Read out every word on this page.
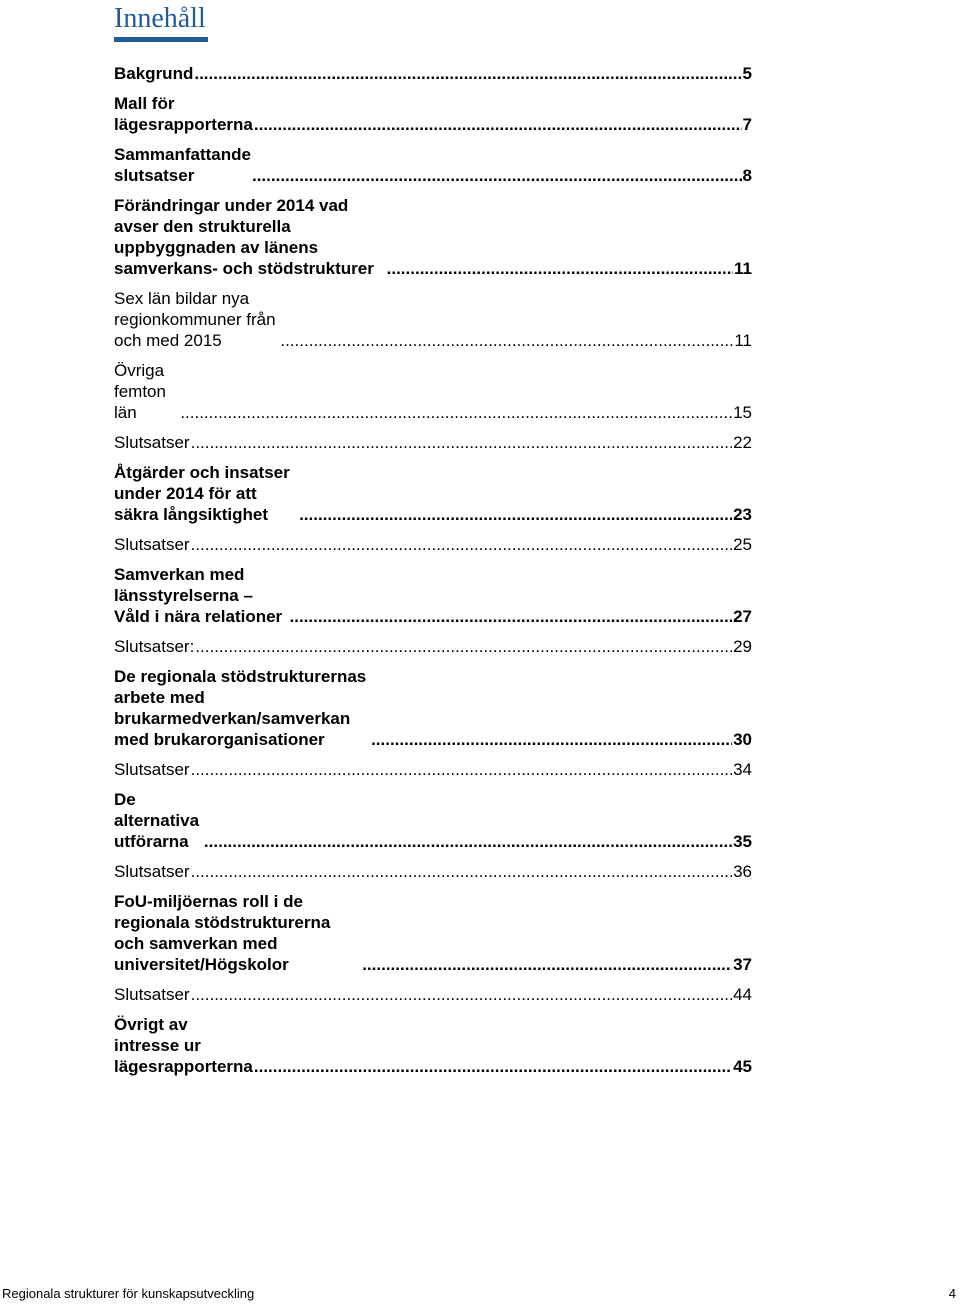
Innehåll
Bakgrund .....	5
Mall för lägesrapporterna .....	7
Sammanfattande slutsatser .....	8
Förändringar under 2014 vad avser den strukturella uppbyggnaden av länens samverkans- och stödstrukturer .....	11
Sex län bildar nya regionkommuner från och med 2015 .....	11
Övriga femton län .....	15
Slutsatser .....	22
Åtgärder och insatser under 2014 för att säkra långsiktighet .....	23
Slutsatser .....	25
Samverkan med länsstyrelserna – Våld i nära relationer .....	27
Slutsatser: .....	29
De regionala stödstrukturernas arbete med brukarmedverkan/samverkan med brukarorganisationer .....	30
Slutsatser .....	34
De alternativa utförarna .....	35
Slutsatser .....	36
FoU-miljöernas roll i de regionala stödstrukturerna och samverkan med universitet/Högskolor .....	37
Slutsatser .....	44
Övrigt av intresse ur lägesrapporterna .....	45
Regionala strukturer för kunskapsutveckling	4
